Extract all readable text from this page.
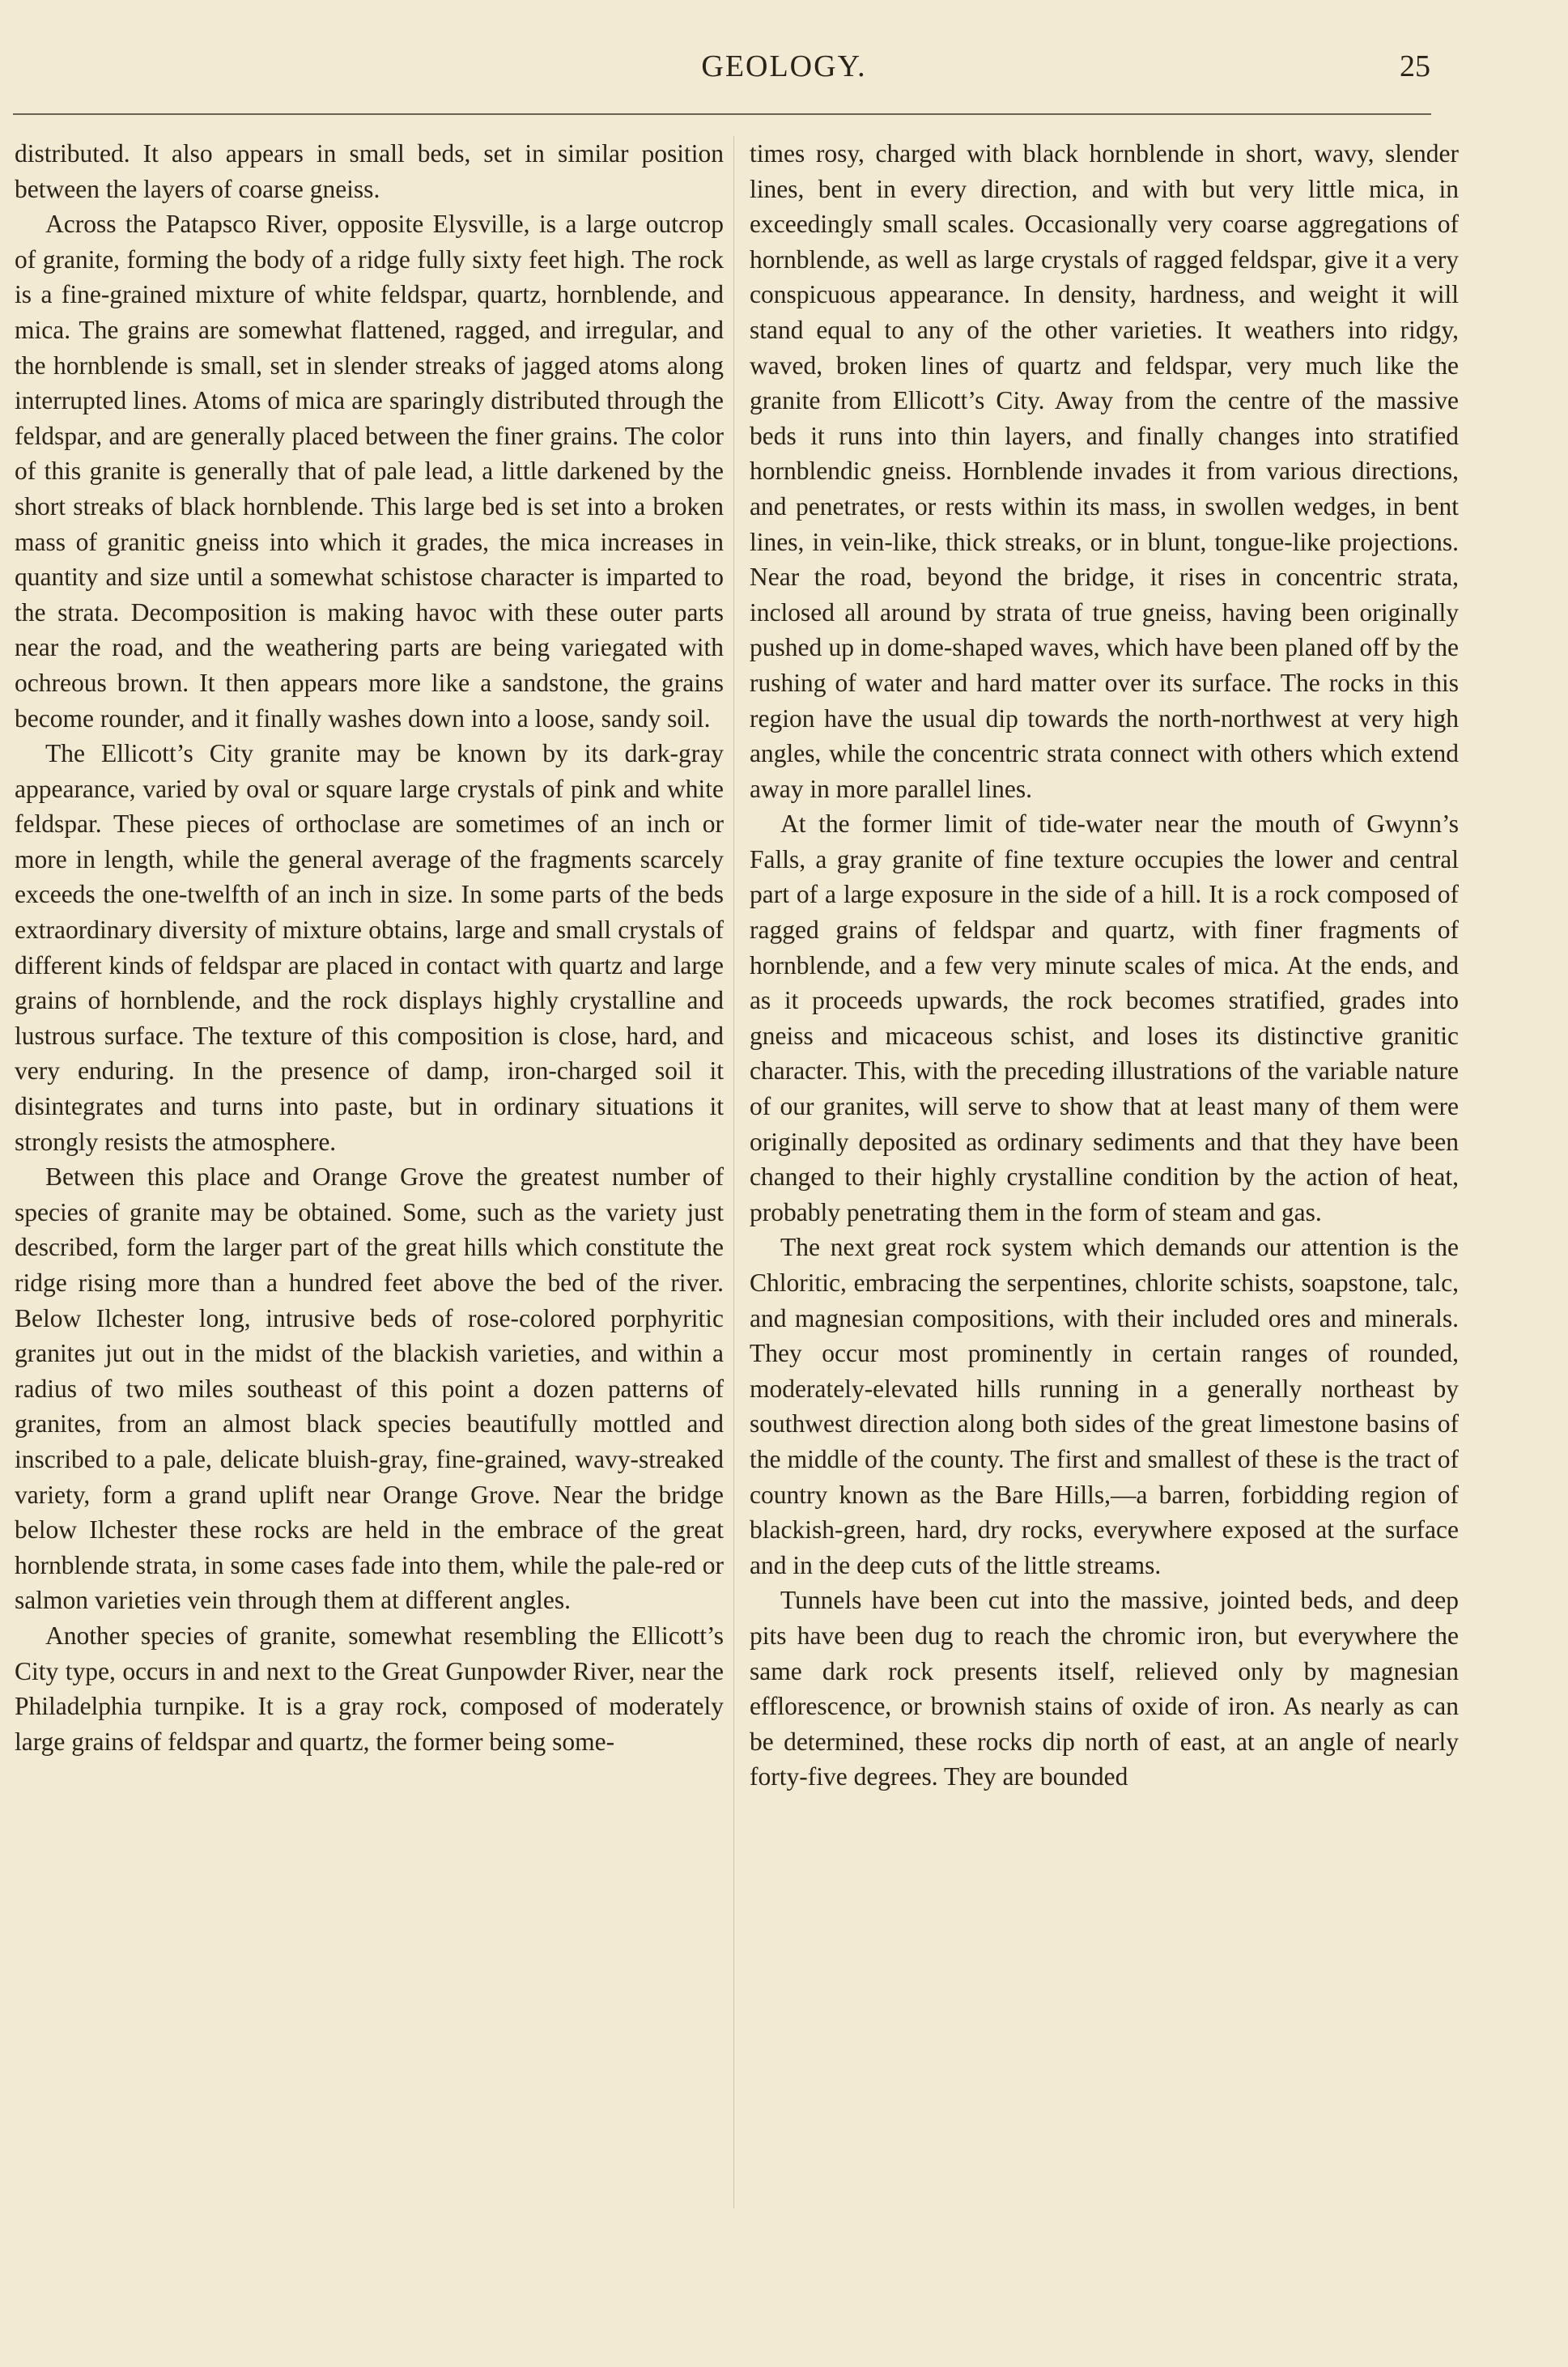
GEOLOGY.	25

distributed. It also appears in small beds, set in similar position between the layers of coarse gneiss.

Across the Patapsco River, opposite Elysville, is a large outcrop of granite, forming the body of a ridge fully sixty feet high. The rock is a fine-grained mixture of white feldspar, quartz, hornblende, and mica. The grains are somewhat flattened, ragged, and irregular, and the hornblende is small, set in slender streaks of jagged atoms along interrupted lines. Atoms of mica are sparingly distributed through the feldspar, and are generally placed between the finer grains. The color of this granite is generally that of pale lead, a little darkened by the short streaks of black hornblende. This large bed is set into a broken mass of granitic gneiss into which it grades, the mica increases in quantity and size until a somewhat schistose character is imparted to the strata. Decomposition is making havoc with these outer parts near the road, and the weathering parts are being variegated with ochreous brown. It then appears more like a sandstone, the grains become rounder, and it finally washes down into a loose, sandy soil.

The Ellicott’s City granite may be known by its dark-gray appearance, varied by oval or square large crystals of pink and white feldspar. These pieces of orthoclase are sometimes of an inch or more in length, while the general average of the fragments scarcely exceeds the one-twelfth of an inch in size. In some parts of the beds extraordinary diversity of mixture obtains, large and small crystals of different kinds of feldspar are placed in contact with quartz and large grains of hornblende, and the rock displays highly crystalline and lustrous surface. The texture of this composition is close, hard, and very enduring. In the presence of damp, iron-charged soil it disintegrates and turns into paste, but in ordinary situations it strongly resists the atmosphere.

Between this place and Orange Grove the greatest number of species of granite may be obtained. Some, such as the variety just described, form the larger part of the great hills which constitute the ridge rising more than a hundred feet above the bed of the river. Below Ilchester long, intrusive beds of rose-colored porphyritic granites jut out in the midst of the blackish varieties, and within a radius of two miles southeast of this point a dozen patterns of granites, from an almost black species beautifully mottled and inscribed to a pale, delicate bluish-gray, fine-grained, wavy-streaked variety, form a grand uplift near Orange Grove. Near the bridge below Ilchester these rocks are held in the embrace of the great hornblende strata, in some cases fade into them, while the pale-red or salmon varieties vein through them at different angles.

Another species of granite, somewhat resembling the Ellicott’s City type, occurs in and next to the Great Gunpowder River, near the Philadelphia turnpike. It is a gray rock, composed of moderately large grains of feldspar and quartz, the former being some-

times rosy, charged with black hornblende in short, wavy, slender lines, bent in every direction, and with but very little mica, in exceedingly small scales. Occasionally very coarse aggregations of hornblende, as well as large crystals of ragged feldspar, give it a very conspicuous appearance. In density, hardness, and weight it will stand equal to any of the other varieties. It weathers into ridgy, waved, broken lines of quartz and feldspar, very much like the granite from Ellicott’s City. Away from the centre of the massive beds it runs into thin layers, and finally changes into stratified hornblendic gneiss. Hornblende invades it from various directions, and penetrates, or rests within its mass, in swollen wedges, in bent lines, in vein-like, thick streaks, or in blunt, tongue-like projections. Near the road, beyond the bridge, it rises in concentric strata, inclosed all around by strata of true gneiss, having been originally pushed up in dome-shaped waves, which have been planed off by the rushing of water and hard matter over its surface. The rocks in this region have the usual dip towards the north-northwest at very high angles, while the concentric strata connect with others which extend away in more parallel lines.

At the former limit of tide-water near the mouth of Gwynn’s Falls, a gray granite of fine texture occupies the lower and central part of a large exposure in the side of a hill. It is a rock composed of ragged grains of feldspar and quartz, with finer fragments of hornblende, and a few very minute scales of mica. At the ends, and as it proceeds upwards, the rock becomes stratified, grades into gneiss and micaceous schist, and loses its distinctive granitic character. This, with the preceding illustrations of the variable nature of our granites, will serve to show that at least many of them were originally deposited as ordinary sediments and that they have been changed to their highly crystalline condition by the action of heat, probably penetrating them in the form of steam and gas.

The next great rock system which demands our attention is the Chloritic, embracing the serpentines, chlorite schists, soapstone, talc, and magnesian compositions, with their included ores and minerals. They occur most prominently in certain ranges of rounded, moderately-elevated hills running in a generally northeast by southwest direction along both sides of the great limestone basins of the middle of the county. The first and smallest of these is the tract of country known as the Bare Hills,—a barren, forbidding region of blackish-green, hard, dry rocks, everywhere exposed at the surface and in the deep cuts of the little streams.

Tunnels have been cut into the massive, jointed beds, and deep pits have been dug to reach the chromic iron, but everywhere the same dark rock presents itself, relieved only by magnesian efflorescence, or brownish stains of oxide of iron. As nearly as can be determined, these rocks dip north of east, at an angle of nearly forty-five degrees. They are bounded
